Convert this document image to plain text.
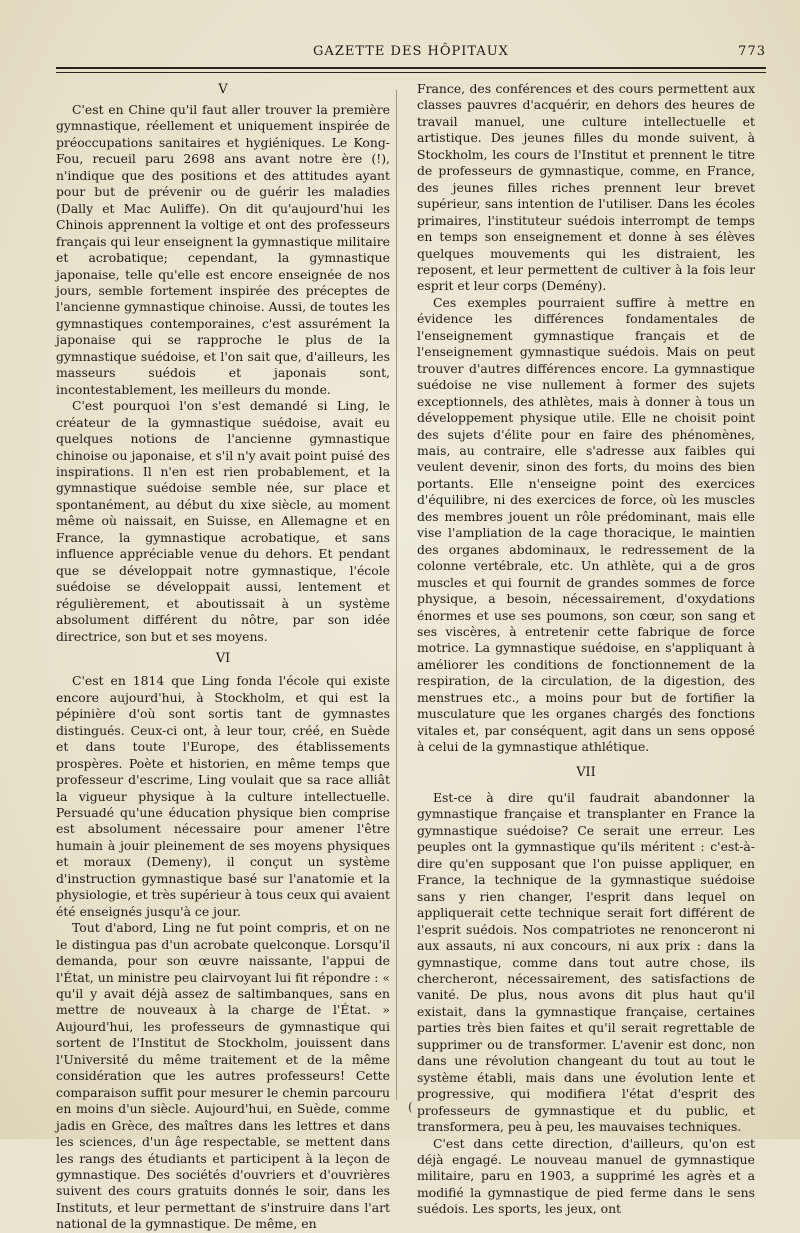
GAZETTE DES HÔPITAUX	773
V

C'est en Chine qu'il faut aller trouver la première gymnastique, réellement et uniquement inspirée de préoccupations sanitaires et hygiéniques. Le Kong-Fou, recueil paru 2698 ans avant notre ère (!), n'indique que des positions et des attitudes ayant pour but de prévenir ou de guérir les maladies (Dally et Mac Auliffe). On dit qu'aujourd'hui les Chinois apprennent la voltige et ont des professeurs français qui leur enseignent la gymnastique militaire et acrobatique; cependant, la gymnastique japonaise, telle qu'elle est encore enseignée de nos jours, semble fortement inspirée des préceptes de l'ancienne gymnastique chinoise. Aussi, de toutes les gymnastiques contemporaines, c'est assurément la japonaise qui se rapproche le plus de la gymnastique suédoise, et l'on sait que, d'ailleurs, les masseurs suédois et japonais sont, incontestablement, les meilleurs du monde.

C'est pourquoi l'on s'est demandé si Ling, le créateur de la gymnastique suédoise, avait eu quelques notions de l'ancienne gymnastique chinoise ou japonaise, et s'il n'y avait point puisé des inspirations. Il n'en est rien probablement, et la gymnastique suédoise semble née, sur place et spontanément, au début du xixe siècle, au moment même où naissait, en Suisse, en Allemagne et en France, la gymnastique acrobatique, et sans influence appréciable venue du dehors. Et pendant que se développait notre gymnastique, l'école suédoise se développait aussi, lentement et régulièrement, et aboutissait à un système absolument différent du nôtre, par son idée directrice, son but et ses moyens.

VI

C'est en 1814 que Ling fonda l'école qui existe encore aujourd'hui, à Stockholm, et qui est la pépinière d'où sont sortis tant de gymnastes distingués. Ceux-ci ont, à leur tour, créé, en Suède et dans toute l'Europe, des établissements prospères. Poète et historien, en même temps que professeur d'escrime, Ling voulait que sa race alliât la vigueur physique à la culture intellectuelle. Persuadé qu'une éducation physique bien comprise est absolument nécessaire pour amener l'être humain à jouir pleinement de ses moyens physiques et moraux (Demeny), il conçut un système d'instruction gymnastique basé sur l'anatomie et la physiologie, et très supérieur à tous ceux qui avaient été enseignés jusqu'à ce jour.

Tout d'abord, Ling ne fut point compris, et on ne le distingua pas d'un acrobate quelconque. Lorsqu'il demanda, pour son œuvre naissante, l'appui de l'État, un ministre peu clairvoyant lui fit répondre : « qu'il y avait déjà assez de saltimbanques, sans en mettre de nouveaux à la charge de l'État. » Aujourd'hui, les professeurs de gymnastique qui sortent de l'Institut de Stockholm, jouissent dans l'Université du même traitement et de la même considération que les autres professeurs! Cette comparaison suffit pour mesurer le chemin parcouru en moins d'un siècle. Aujourd'hui, en Suède, comme jadis en Grèce, des maîtres dans les lettres et dans les sciences, d'un âge respectable, se mettent dans les rangs des étudiants et participent à la leçon de gymnastique. Des sociétés d'ouvriers et d'ouvrières suivent des cours gratuits donnés le soir, dans les Instituts, et leur permettant de s'instruire dans l'art national de la gymnastique. De même, en

France, des conférences et des cours permettent aux classes pauvres d'acquérir, en dehors des heures de travail manuel, une culture intellectuelle et artistique. Des jeunes filles du monde suivent, à Stockholm, les cours de l'Institut et prennent le titre de professeurs de gymnastique, comme, en France, des jeunes filles riches prennent leur brevet supérieur, sans intention de l'utiliser. Dans les écoles primaires, l'instituteur suédois interrompt de temps en temps son enseignement et donne à ses élèves quelques mouvements qui les distraient, les reposent, et leur permettent de cultiver à la fois leur esprit et leur corps (Demény).

Ces exemples pourraient suffire à mettre en évidence les différences fondamentales de l'enseignement gymnastique français et de l'enseignement gymnastique suédois. Mais on peut trouver d'autres différences encore. La gymnastique suédoise ne vise nullement à former des sujets exceptionnels, des athlètes, mais à donner à tous un développement physique utile. Elle ne choisit point des sujets d'élite pour en faire des phénomènes, mais, au contraire, elle s'adresse aux faibles qui veulent devenir, sinon des forts, du moins des bien portants. Elle n'enseigne point des exercices d'équilibre, ni des exercices de force, où les muscles des membres jouent un rôle prédominant, mais elle vise l'ampliation de la cage thoracique, le maintien des organes abdominaux, le redressement de la colonne vertébrale, etc. Un athlète, qui a de gros muscles et qui fournit de grandes sommes de force physique, a besoin, nécessairement, d'oxydations énormes et use ses poumons, son cœur, son sang et ses viscères, à entretenir cette fabrique de force motrice. La gymnastique suédoise, en s'appliquant à améliorer les conditions de fonctionnement de la respiration, de la circulation, de la digestion, des menstrues etc., a moins pour but de fortifier la musculature que les organes chargés des fonctions vitales et, par conséquent, agit dans un sens opposé à celui de la gymnastique athlétique.

VII

Est-ce à dire qu'il faudrait abandonner la gymnastique française et transplanter en France la gymnastique suédoise? Ce serait une erreur. Les peuples ont la gymnastique qu'ils méritent : c'est-à-dire qu'en supposant que l'on puisse appliquer, en France, la technique de la gymnastique suédoise sans y rien changer, l'esprit dans lequel on appliquerait cette technique serait fort différent de l'esprit suédois. Nos compatriotes ne renonceront ni aux assauts, ni aux concours, ni aux prix : dans la gymnastique, comme dans tout autre chose, ils chercheront, nécessairement, des satisfactions de vanité. De plus, nous avons dit plus haut qu'il existait, dans la gymnastique française, certaines parties très bien faites et qu'il serait regrettable de supprimer ou de transformer. L'avenir est donc, non dans une révolution changeant du tout au tout le système établi, mais dans une évolution lente et progressive, qui modifiera l'état d'esprit des professeurs de gymnastique et du public, et transformera, peu à peu, les mauvaises techniques.

C'est dans cette direction, d'ailleurs, qu'on est déjà engagé. Le nouveau manuel de gymnastique militaire, paru en 1903, a supprimé les agrès et a modifié la gymnastique de pied ferme dans le sens suédois. Les sports, les jeux, ont

(
